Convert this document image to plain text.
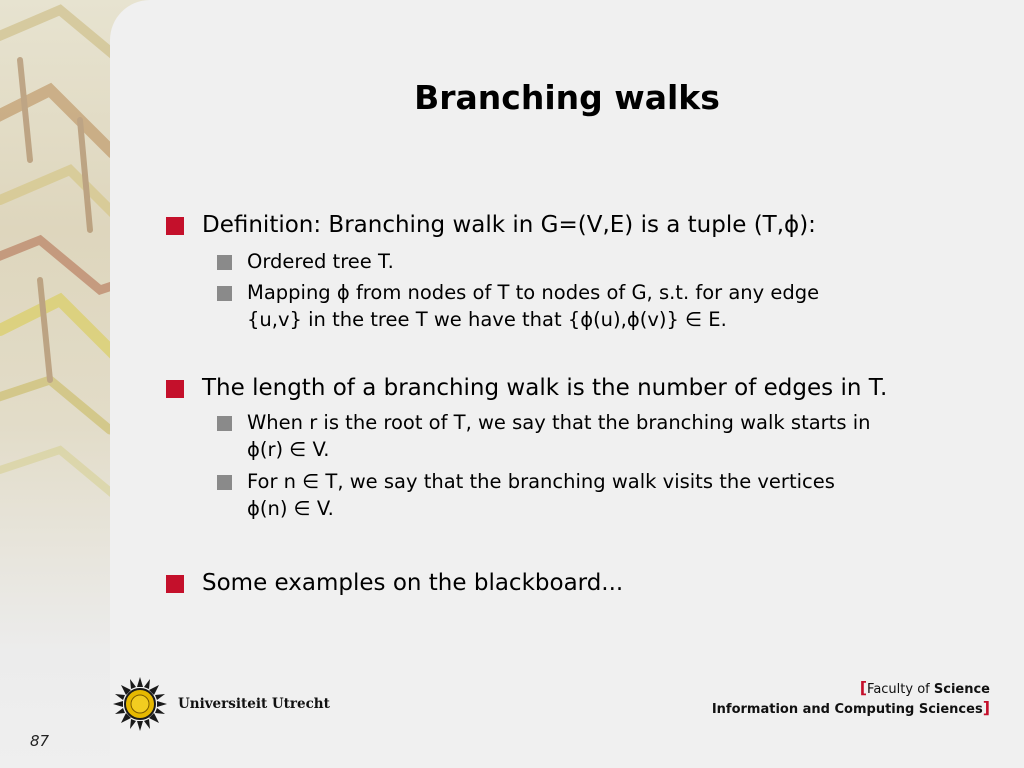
Branching walks
Definition: Branching walk in G=(V,E) is a tuple (T,ϕ):
Ordered tree T.
Mapping ϕ from nodes of T to nodes of G, s.t. for any edge
{u,v} in the tree T we have that {ϕ(u),ϕ(v)} ∈ E.
The length of a branching walk is the number of edges in T.
When r is the root of T, we say that the branching walk starts in
ϕ(r) ∈ V.
For n ∈ T, we say that the branching walk visits the vertices
ϕ(n) ∈ V.
Some examples on the blackboard...
Universiteit Utrecht
[Faculty of Science
Information and Computing Sciences]
87
